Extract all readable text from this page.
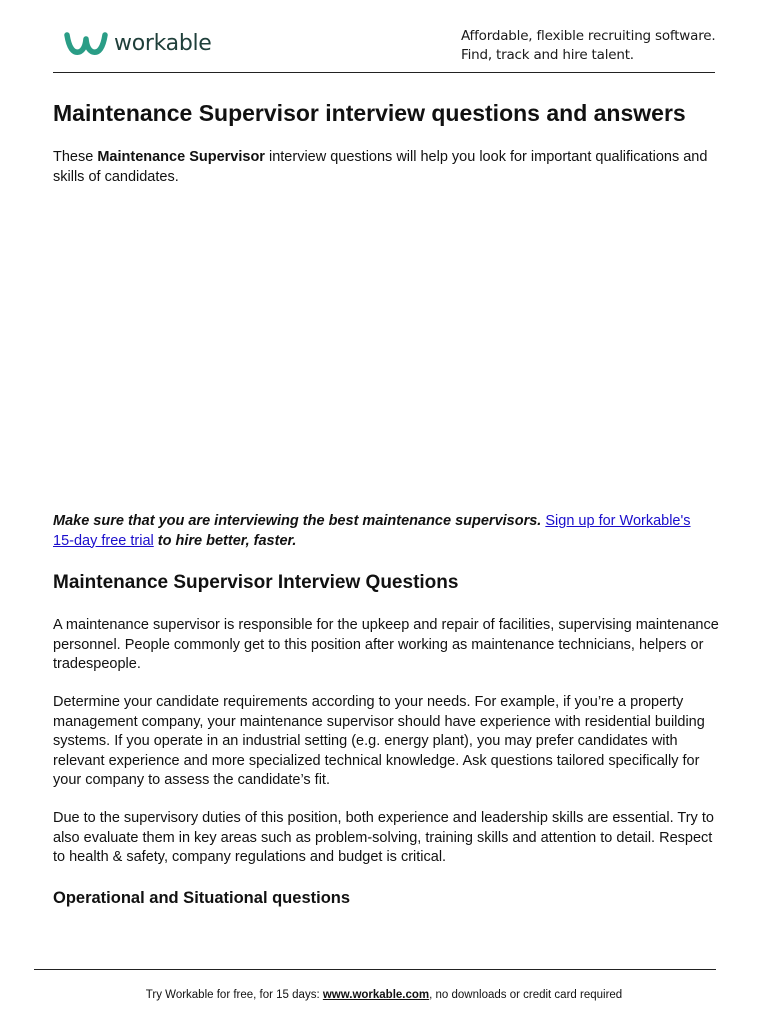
workable	Affordable, flexible recruiting software.
Find, track and hire talent.
Maintenance Supervisor interview questions and answers

These Maintenance Supervisor interview questions will help you look for important qualifications and skills of candidates.

Make sure that you are interviewing the best maintenance supervisors. Sign up for Workable's 15-day free trial to hire better, faster.

Maintenance Supervisor Interview Questions

A maintenance supervisor is responsible for the upkeep and repair of facilities, supervising maintenance personnel. People commonly get to this position after working as maintenance technicians, helpers or tradespeople.

Determine your candidate requirements according to your needs. For example, if you’re a property management company, your maintenance supervisor should have experience with residential building systems. If you operate in an industrial setting (e.g. energy plant), you may prefer candidates with relevant experience and more specialized technical knowledge. Ask questions tailored specifically for your company to assess the candidate’s fit.

Due to the supervisory duties of this position, both experience and leadership skills are essential. Try to also evaluate them in key areas such as problem-solving, training skills and attention to detail. Respect to health & safety, company regulations and budget is critical.

Operational and Situational questions
Try Workable for free, for 15 days: www.workable.com, no downloads or credit card required
